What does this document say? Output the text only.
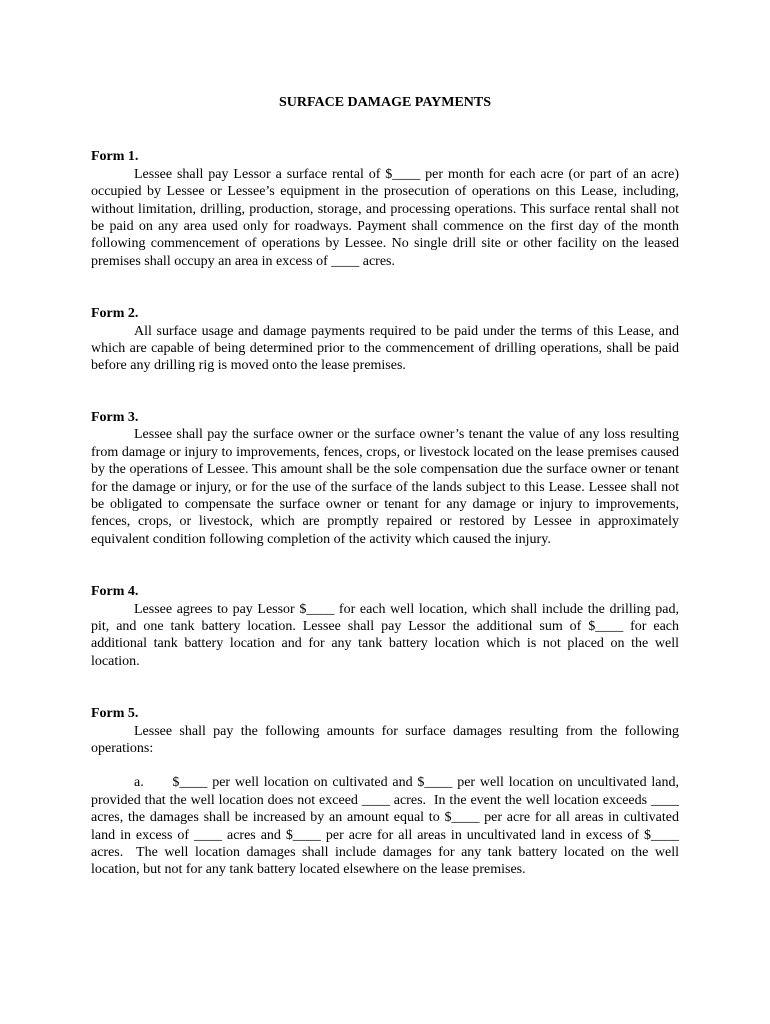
SURFACE DAMAGE PAYMENTS
Form 1.

Lessee shall pay Lessor a surface rental of $____ per month for each acre (or part of an acre) occupied by Lessee or Lessee’s equipment in the prosecution of operations on this Lease, including, without limitation, drilling, production, storage, and processing operations. This surface rental shall not be paid on any area used only for roadways. Payment shall commence on the first day of the month following commencement of operations by Lessee. No single drill site or other facility on the leased premises shall occupy an area in excess of ____ acres.

Form 2.

All surface usage and damage payments required to be paid under the terms of this Lease, and which are capable of being determined prior to the commencement of drilling operations, shall be paid before any drilling rig is moved onto the lease premises.

Form 3.

Lessee shall pay the surface owner or the surface owner’s tenant the value of any loss resulting from damage or injury to improvements, fences, crops, or livestock located on the lease premises caused by the operations of Lessee. This amount shall be the sole compensation due the surface owner or tenant for the damage or injury, or for the use of the surface of the lands subject to this Lease. Lessee shall not be obligated to compensate the surface owner or tenant for any damage or injury to improvements, fences, crops, or livestock, which are promptly repaired or restored by Lessee in approximately equivalent condition following completion of the activity which caused the injury.

Form 4.

Lessee agrees to pay Lessor $____ for each well location, which shall include the drilling pad, pit, and one tank battery location. Lessee shall pay Lessor the additional sum of $____ for each additional tank battery location and for any tank battery location which is not placed on the well location.

Form 5.

Lessee shall pay the following amounts for surface damages resulting from the following operations:

a.      $____ per well location on cultivated and $____ per well location on uncultivated land, provided that the well location does not exceed ____ acres.  In the event the well location exceeds ____ acres, the damages shall be increased by an amount equal to $____ per acre for all areas in cultivated land in excess of ____ acres and $____ per acre for all areas in uncultivated land in excess of $____ acres.  The well location damages shall include damages for any tank battery located on the well location, but not for any tank battery located elsewhere on the lease premises.
